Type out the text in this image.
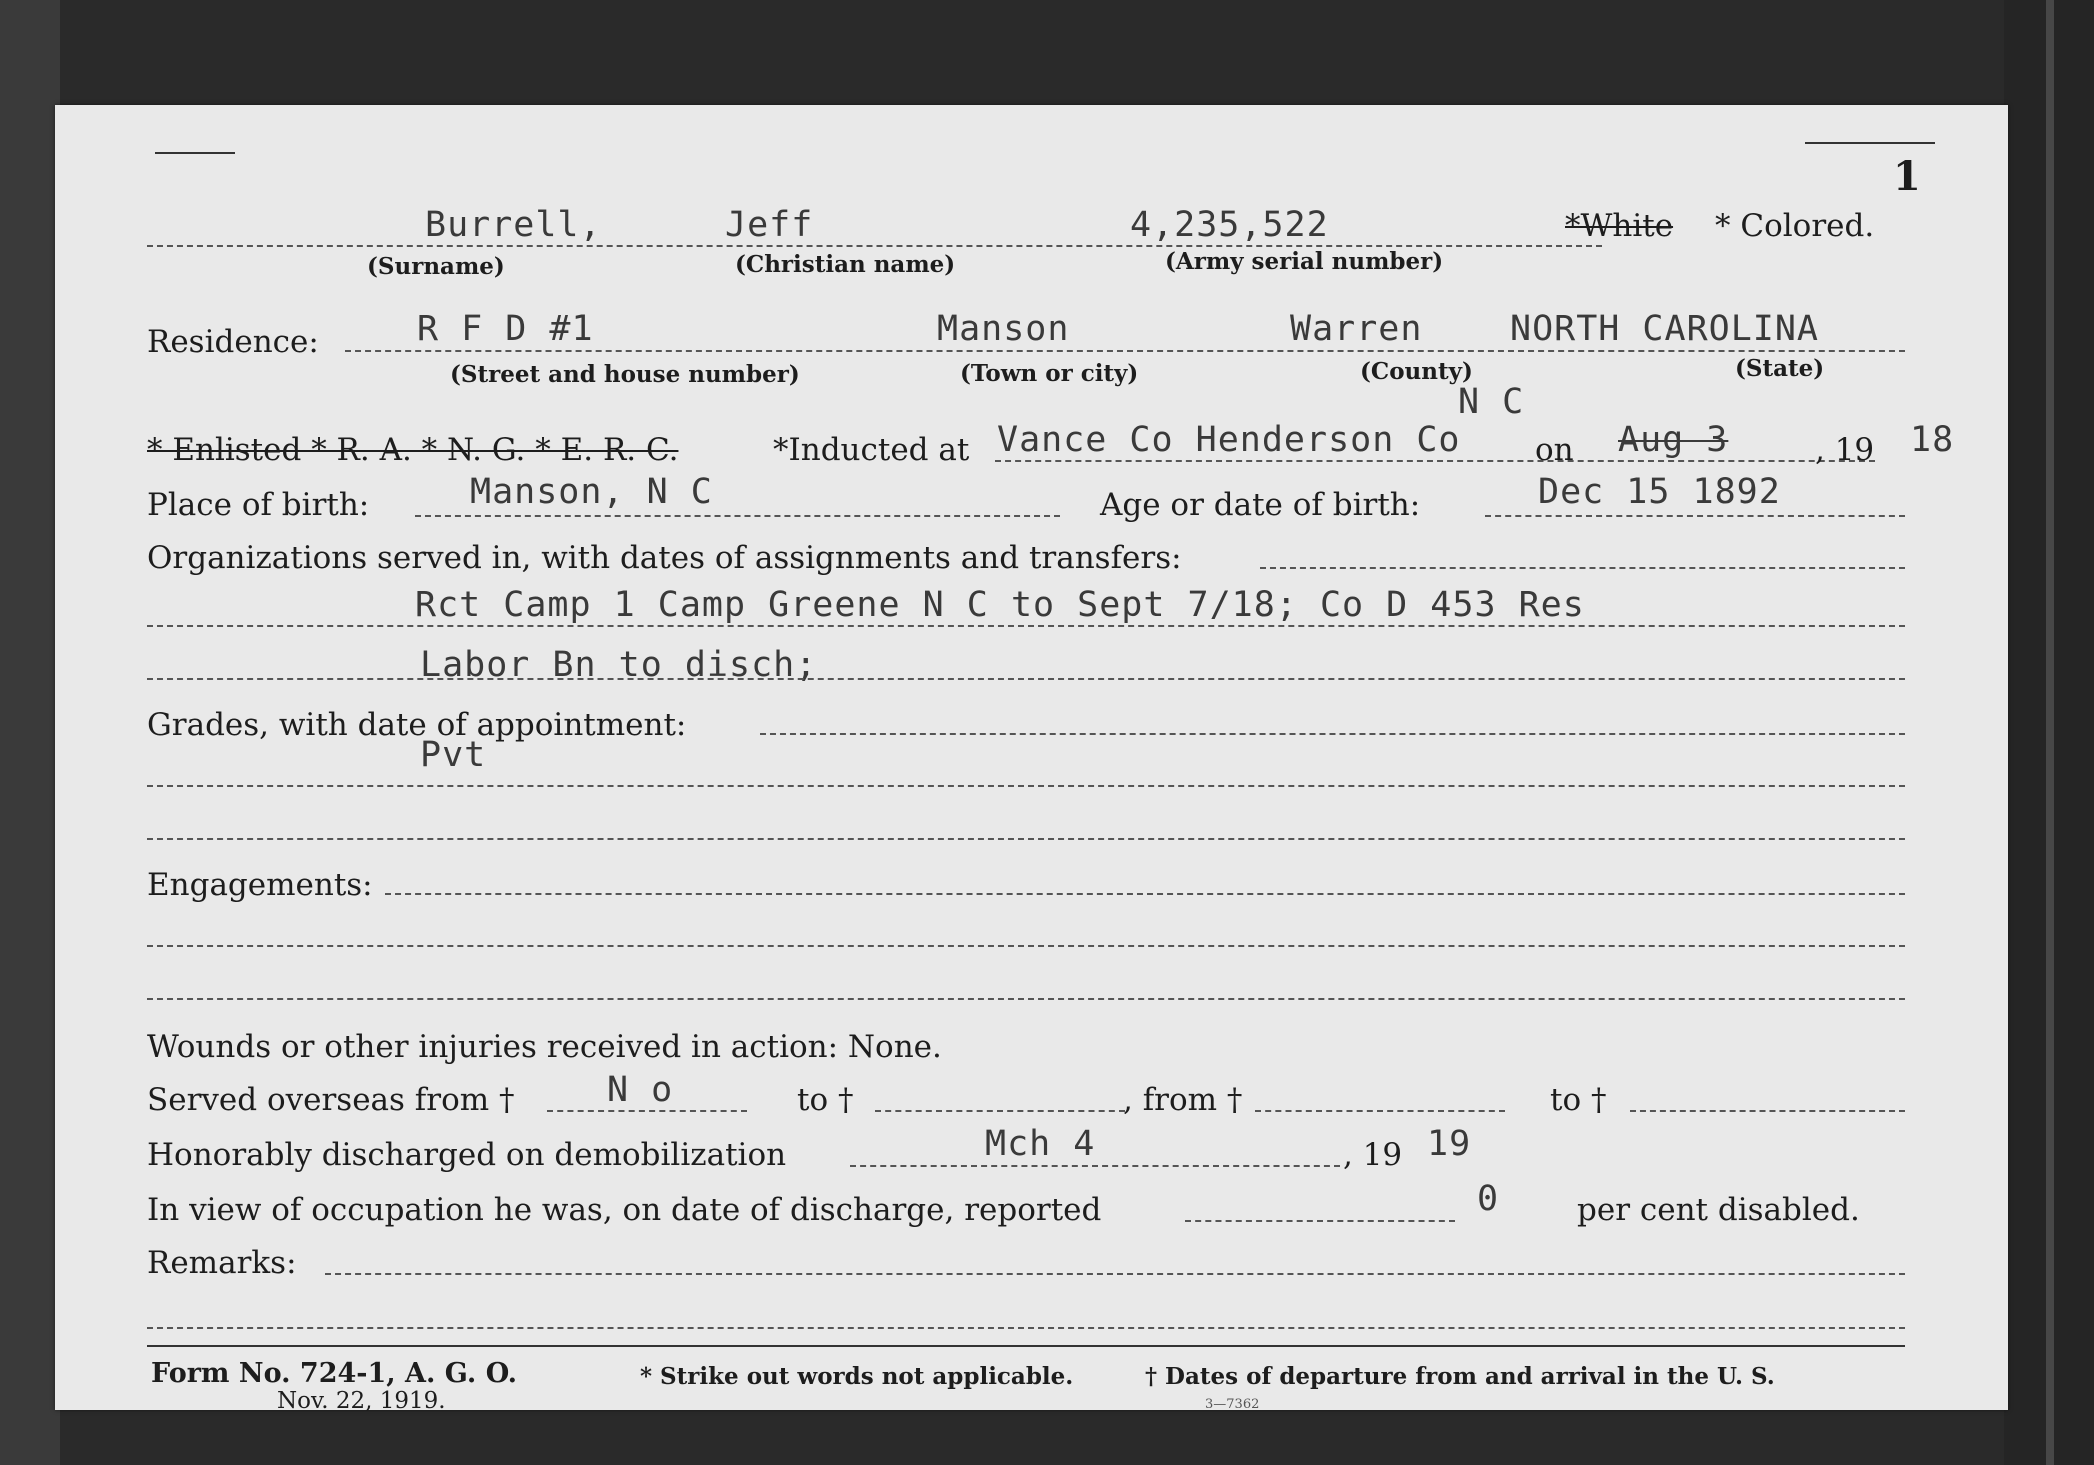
1
Burrell,	Jeff	4,235,522	*White * Colored.
(Surname)	(Christian name)	(Army serial number)
Residence:	R F D #1	Manson	Warren	NORTH CAROLINA
(Street and house number)	(Town or city)	(County)	(State)
N C
* Enlisted * R. A. * N. G. * E. R. C.	*Inducted at Vance Co Henderson Co on Aug 3	, 19 18
Place of birth:	Manson, N C	Age or date of birth:	Dec 15 1892
Organizations served in, with dates of assignments and transfers:
Rct Camp 1 Camp Greene N C to Sept 7/18; Co D 453 Res
Labor Bn to disch;
Grades, with date of appointment:
Pvt
Engagements:
Wounds or other injuries received in action: None.
Served overseas from †	N o	to †	, from †	to †
Honorably discharged on demobilization	Mch 4	, 19 19
In view of occupation he was, on date of discharge, reported	0	per cent disabled.
Remarks:
Form No. 724-1, A. G. O.
Nov. 22, 1919.
* Strike out words not applicable.	† Dates of departure from and arrival in the U. S.
3—7362
